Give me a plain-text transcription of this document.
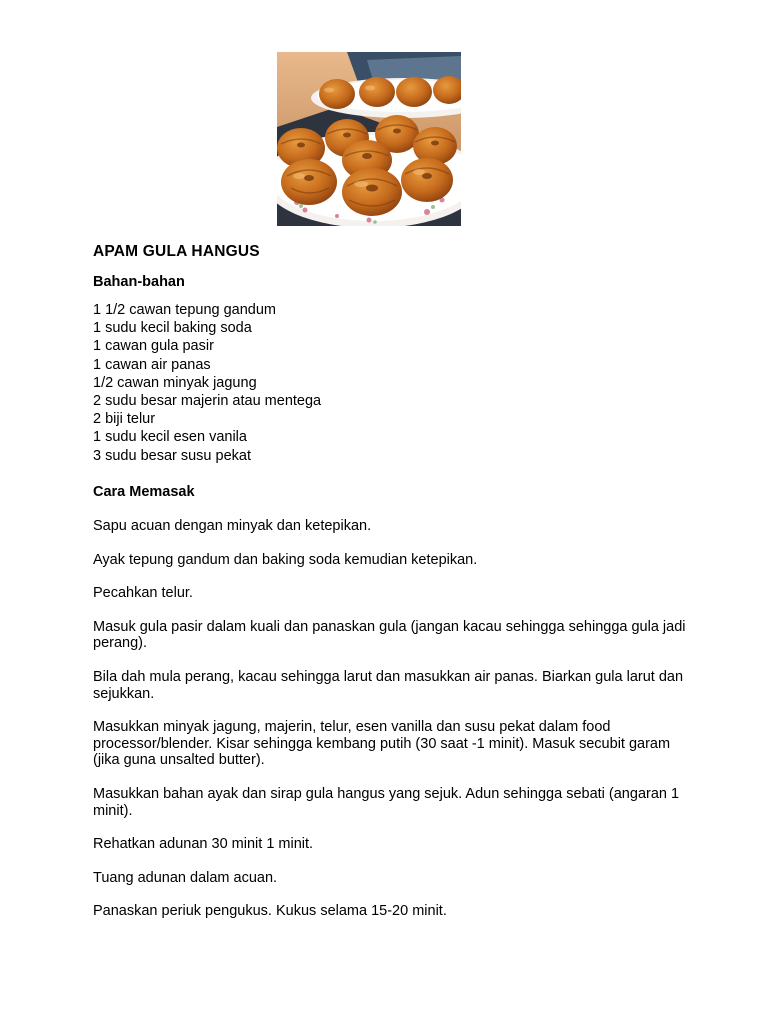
APAM GULA HANGUS
Bahan-bahan
1 1/2 cawan tepung gandum
1 sudu kecil baking soda
1 cawan gula pasir
1 cawan air panas
1/2 cawan minyak jagung
2 sudu besar majerin atau mentega
2 biji telur
1 sudu kecil esen vanila
3 sudu besar susu pekat
Cara Memasak
Sapu acuan dengan minyak dan ketepikan.
Ayak tepung gandum dan baking soda kemudian ketepikan.
Pecahkan telur.
Masuk gula pasir dalam kuali dan panaskan gula (jangan kacau sehingga sehingga gula jadi perang).
Bila dah mula perang, kacau sehingga larut dan masukkan air panas. Biarkan gula larut dan sejukkan.
Masukkan minyak jagung, majerin, telur, esen vanilla dan susu pekat dalam food processor/blender. Kisar sehingga kembang putih (30 saat -1 minit). Masuk secubit garam (jika guna unsalted butter).
Masukkan bahan ayak dan sirap gula hangus yang sejuk. Adun sehingga sebati (angaran 1 minit).
Rehatkan adunan 30 minit 1 minit.
Tuang adunan dalam acuan.
Panaskan periuk pengukus. Kukus selama 15-20 minit.
